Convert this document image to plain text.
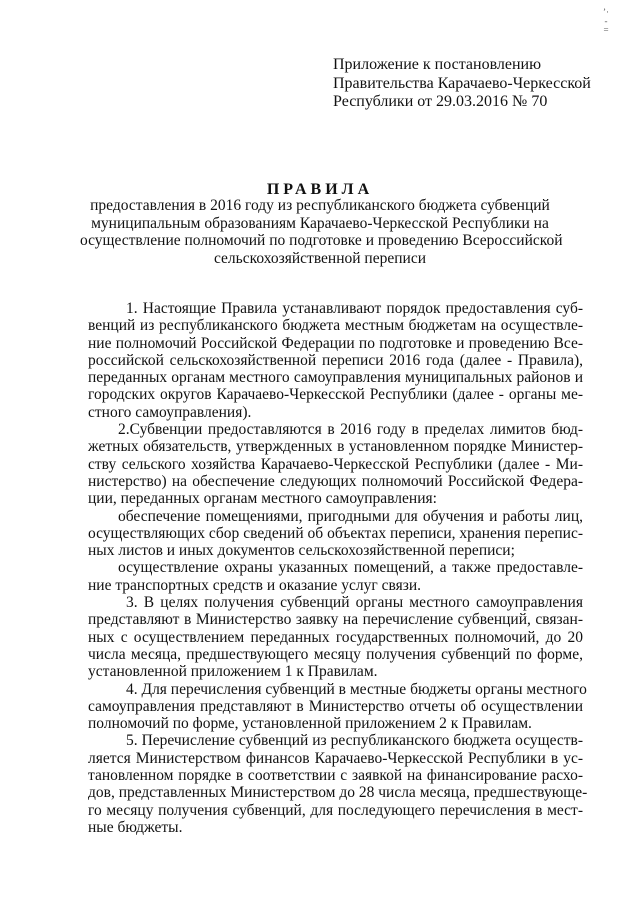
ʼ​·​-​=
Приложение к постановлению
Правительства Карачаево-Черкесской
Республики от 29.03.2016 № 70
ПРАВИЛА
предоставления в 2016 году из республиканского бюджета субвенций
муниципальным образованиям Карачаево-Черкесской Республики на
осуществление полномочий по подготовке и проведению Всероссийской
сельскохозяйственной переписи
1. Настоящие Правила устанавливают порядок предоставления суб-
венций из республиканского бюджета местным бюджетам на осуществле-
ние полномочий Российской Федерации по подготовке и проведению Все-
российской сельскохозяйственной переписи 2016 года (далее - Правила),
переданных органам местного самоуправления муниципальных районов и
городских округов Карачаево-Черкесской Республики (далее - органы ме-
стного самоуправления).
2.Субвенции предоставляются в 2016 году в пределах лимитов бюд-
жетных обязательств, утвержденных в установленном порядке Министер-
ству сельского хозяйства Карачаево-Черкесской Республики (далее - Ми-
нистерство) на обеспечение следующих полномочий Российской Федера-
ции, переданных органам местного самоуправления:
обеспечение помещениями, пригодными для обучения и работы лиц,
осуществляющих сбор сведений об объектах переписи, хранения перепис-
ных листов и иных документов сельскохозяйственной переписи;
осуществление охраны указанных помещений, а также предоставле-
ние транспортных средств и оказание услуг связи.
3. В целях получения субвенций органы местного самоуправления
представляют в Министерство заявку на перечисление субвенций, связан-
ных с осуществлением переданных государственных полномочий, до 20
числа месяца, предшествующего месяцу получения субвенций по форме,
установленной приложением 1 к Правилам.
4. Для перечисления субвенций в местные бюджеты органы местного
самоуправления представляют в Министерство отчеты об осуществлении
полномочий по форме, установленной приложением 2 к Правилам.
5. Перечисление субвенций из республиканского бюджета осуществ-
ляется Министерством финансов Карачаево-Черкесской Республики в ус-
тановленном порядке в соответствии с заявкой на финансирование расхо-
дов, представленных Министерством до 28 числа месяца, предшествующе-
го месяцу получения субвенций, для последующего перечисления в мест-
ные бюджеты.
